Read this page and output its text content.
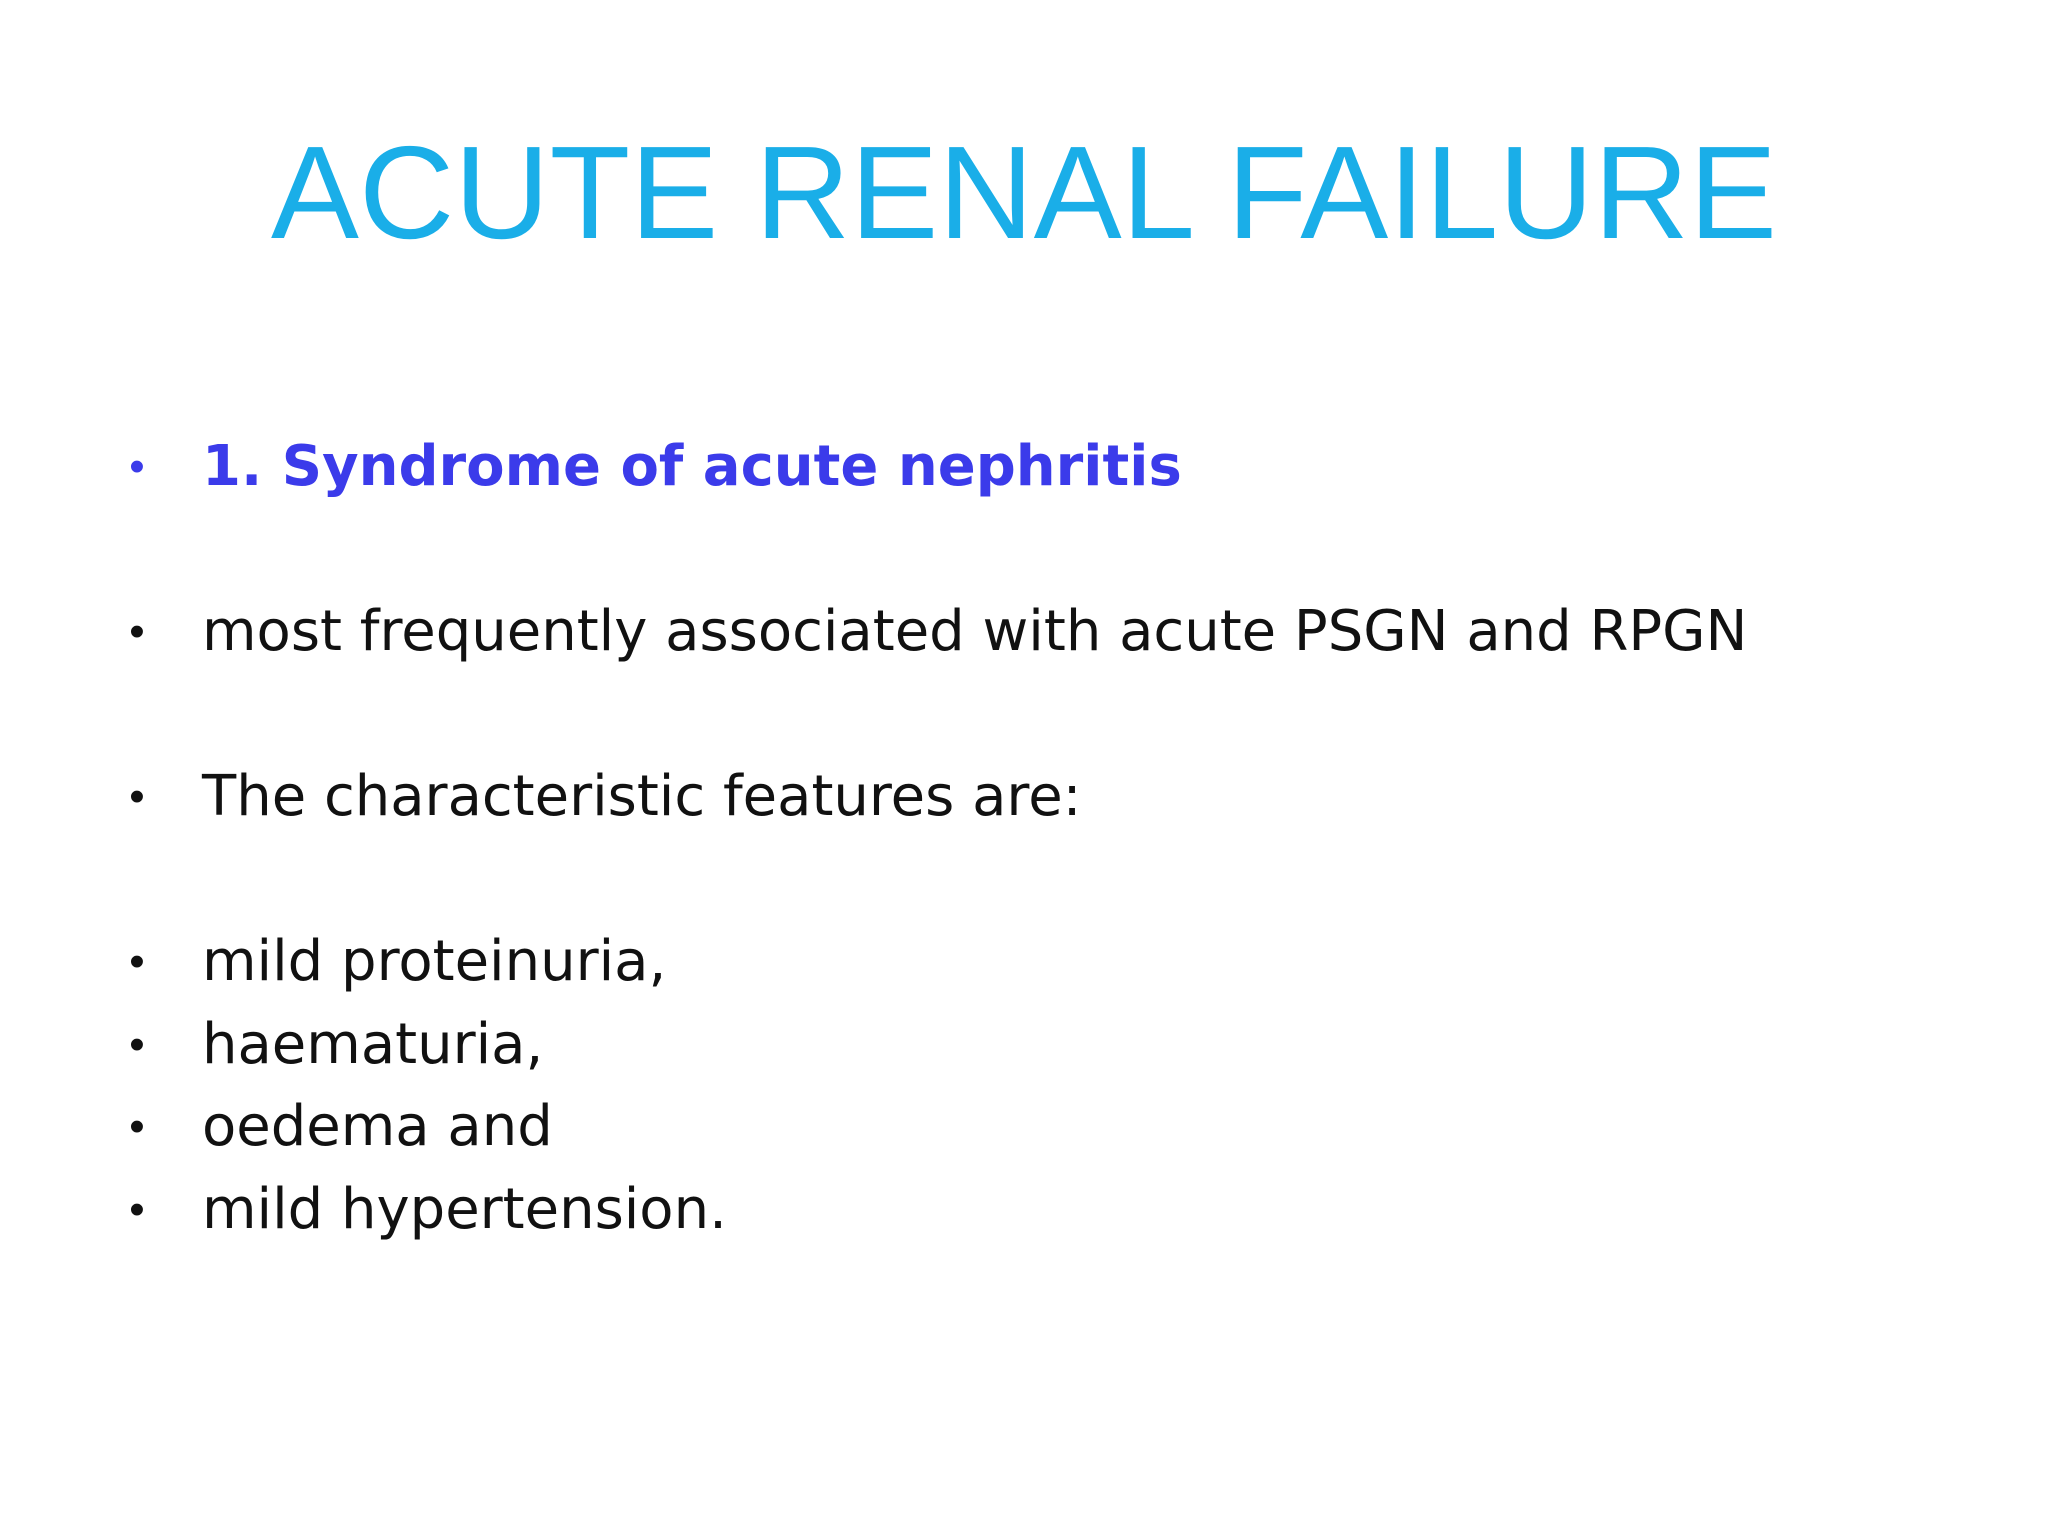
ACUTE RENAL FAILURE
• 1. Syndrome of acute nephritis
• most frequently associated with acute PSGN and RPGN
• The characteristic features are:
• mild proteinuria,
• haematuria,
• oedema and
• mild hypertension.
